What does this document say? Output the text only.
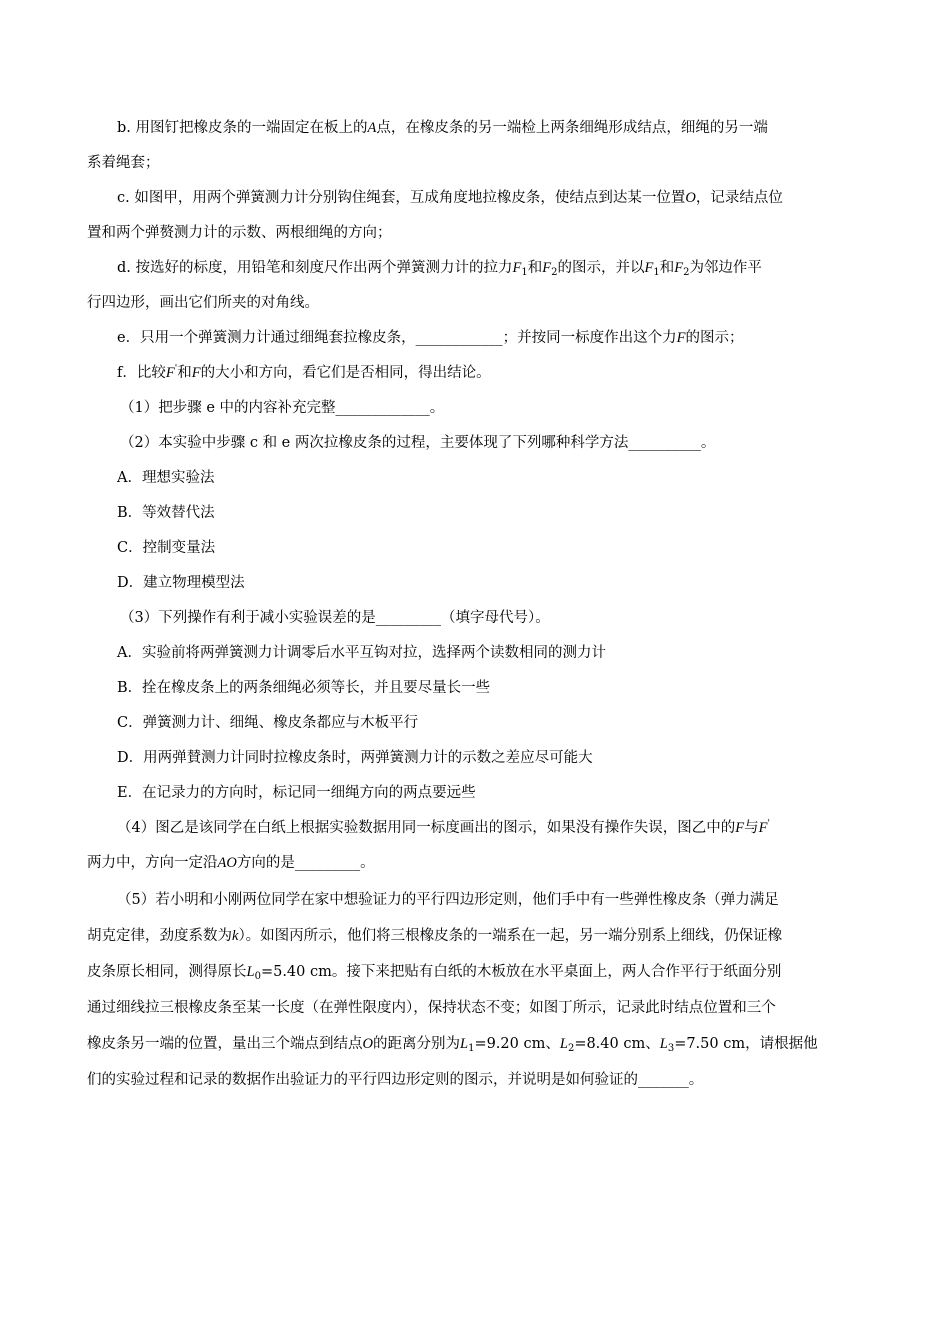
b. 用图钉把橡皮条的一端固定在板上的A点，在橡皮条的另一端检上两条细绳形成结点，细绳的另一端
系着绳套；
c. 如图甲，用两个弹簧测力计分别钩住绳套，互成角度地拉橡皮条，使结点到达某一位置O，记录结点位
置和两个弹赘测力计的示数、两根细绳的方向；
d. 按选好的标度，用铅笔和刻度尺作出两个弹簧测力计的拉力$F_1$和$F_2$的图示，并以$F_1$和$F_2$为邻边作平
行四边形，画出它们所夹的对角线。
e．只用一个弹簧测力计通过细绳套拉橡皮条，____________；并按同一标度作出这个力F的图示；
f．比较F'和F的大小和方向，看它们是否相同，得出结论。
（1）把步骤 e 中的内容补充完整_____________。
（2）本实验中步骤 c 和 e 两次拉橡皮条的过程，主要体现了下列哪种科学方法__________。
A．理想实验法
B．等效替代法
C．控制变量法
D．建立物理模型法
（3）下列操作有利于减小实验误差的是_________（填字母代号）。
A．实验前将两弹簧测力计调零后水平互钩对拉，选择两个读数相同的测力计
B．拴在橡皮条上的两条细绳必须等长，并且要尽量长一些
C．弹簧测力计、细绳、橡皮条都应与木板平行
D．用两弹賛测力计同时拉橡皮条时，两弹簧测力计的示数之差应尽可能大
E．在记录力的方向时，标记同一细绳方向的两点要远些
（4）图乙是该同学在白纸上根据实验数据用同一标度画出的图示，如果没有操作失误，图乙中的F与F'
两力中，方向一定沿AO方向的是_________。
（5）若小明和小刚两位同学在家中想验证力的平行四边形定则，他们手中有一些弹性橡皮条（弹力满足
胡克定律，劲度系数为k）。如图丙所示，他们将三根橡皮条的一端系在一起，另一端分别系上细线，仍保证橡
皮条原长相同，测得原长$L_0=5.40$ cm。接下来把贴有白纸的木板放在水平桌面上，两人合作平行于纸面分别
通过细线拉三根橡皮条至某一长度（在弹性限度内），保持状态不变；如图丁所示，记录此时结点位置和三个
橡皮条另一端的位置，量出三个端点到结点O的距离分别为$L_1=9.20$ cm、$L_2=8.40$ cm、$L_3=7.50$ cm，请根据他
们的实验过程和记录的数据作出验证力的平行四边形定则的图示，并说明是如何验证的_______。
